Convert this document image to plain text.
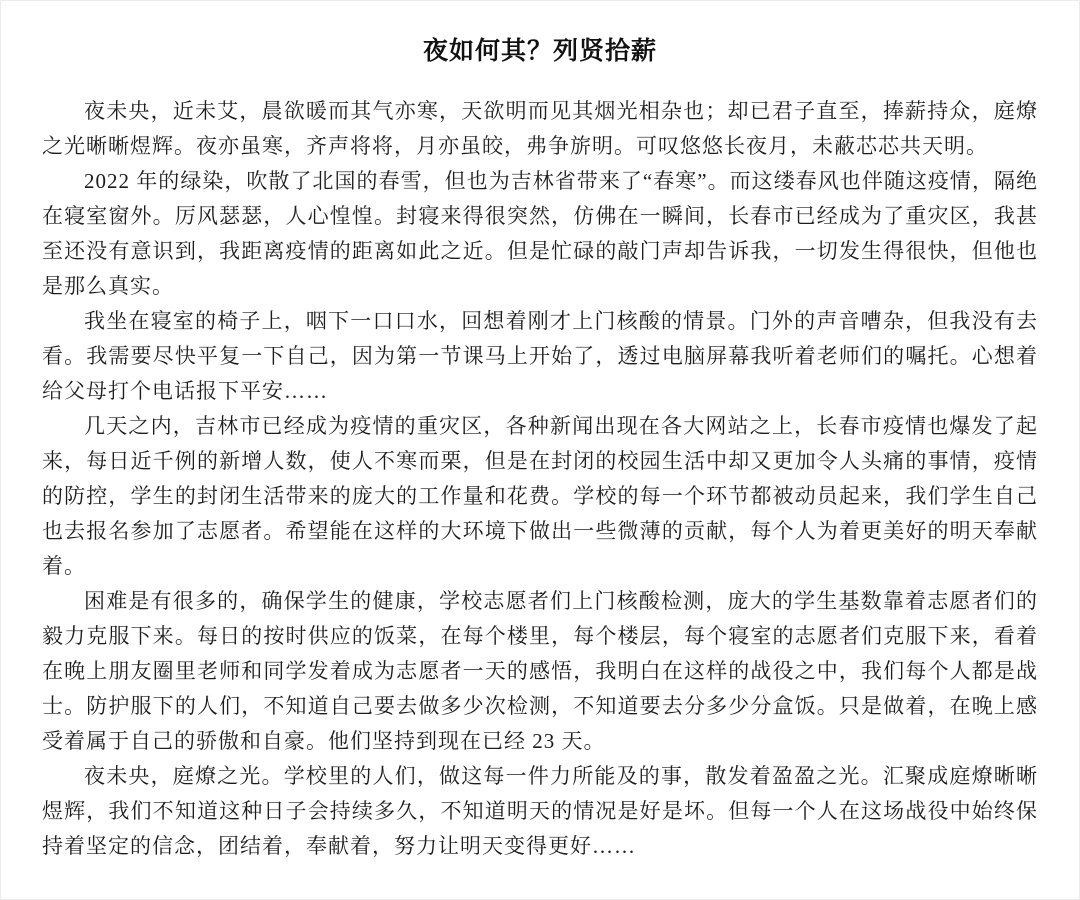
夜如何其？列贤拾薪

夜未央，近未艾，晨欲暖而其气亦寒，天欲明而见其烟光相杂也；却已君子直至，捧薪持众，庭燎之光晰晰煜辉。夜亦虽寒，齐声将将，月亦虽皎，弗争旂明。可叹悠悠长夜月，未蔽芯芯共天明。

2022 年的绿染，吹散了北国的春雪，但也为吉林省带来了“春寒”。而这缕春风也伴随这疫情，隔绝在寝室窗外。厉风瑟瑟，人心惶惶。封寝来得很突然，仿佛在一瞬间，长春市已经成为了重灾区，我甚至还没有意识到，我距离疫情的距离如此之近。但是忙碌的敲门声却告诉我，一切发生得很快，但他也是那么真实。

我坐在寝室的椅子上，咽下一口口水，回想着刚才上门核酸的情景。门外的声音嘈杂，但我没有去看。我需要尽快平复一下自己，因为第一节课马上开始了，透过电脑屏幕我听着老师们的嘱托。心想着给父母打个电话报下平安……

几天之内，吉林市已经成为疫情的重灾区，各种新闻出现在各大网站之上，长春市疫情也爆发了起来，每日近千例的新增人数，使人不寒而栗，但是在封闭的校园生活中却又更加令人头痛的事情，疫情的防控，学生的封闭生活带来的庞大的工作量和花费。学校的每一个环节都被动员起来，我们学生自己也去报名参加了志愿者。希望能在这样的大环境下做出一些微薄的贡献，每个人为着更美好的明天奉献着。

困难是有很多的，确保学生的健康，学校志愿者们上门核酸检测，庞大的学生基数靠着志愿者们的毅力克服下来。每日的按时供应的饭菜，在每个楼里，每个楼层，每个寝室的志愿者们克服下来，看着在晚上朋友圈里老师和同学发着成为志愿者一天的感悟，我明白在这样的战役之中，我们每个人都是战士。防护服下的人们，不知道自己要去做多少次检测，不知道要去分多少分盒饭。只是做着，在晚上感受着属于自己的骄傲和自豪。他们坚持到现在已经 23 天。

夜未央，庭燎之光。学校里的人们，做这每一件力所能及的事，散发着盈盈之光。汇聚成庭燎晰晰煜辉，我们不知道这种日子会持续多久，不知道明天的情况是好是坏。但每一个人在这场战役中始终保持着坚定的信念，团结着，奉献着，努力让明天变得更好……
